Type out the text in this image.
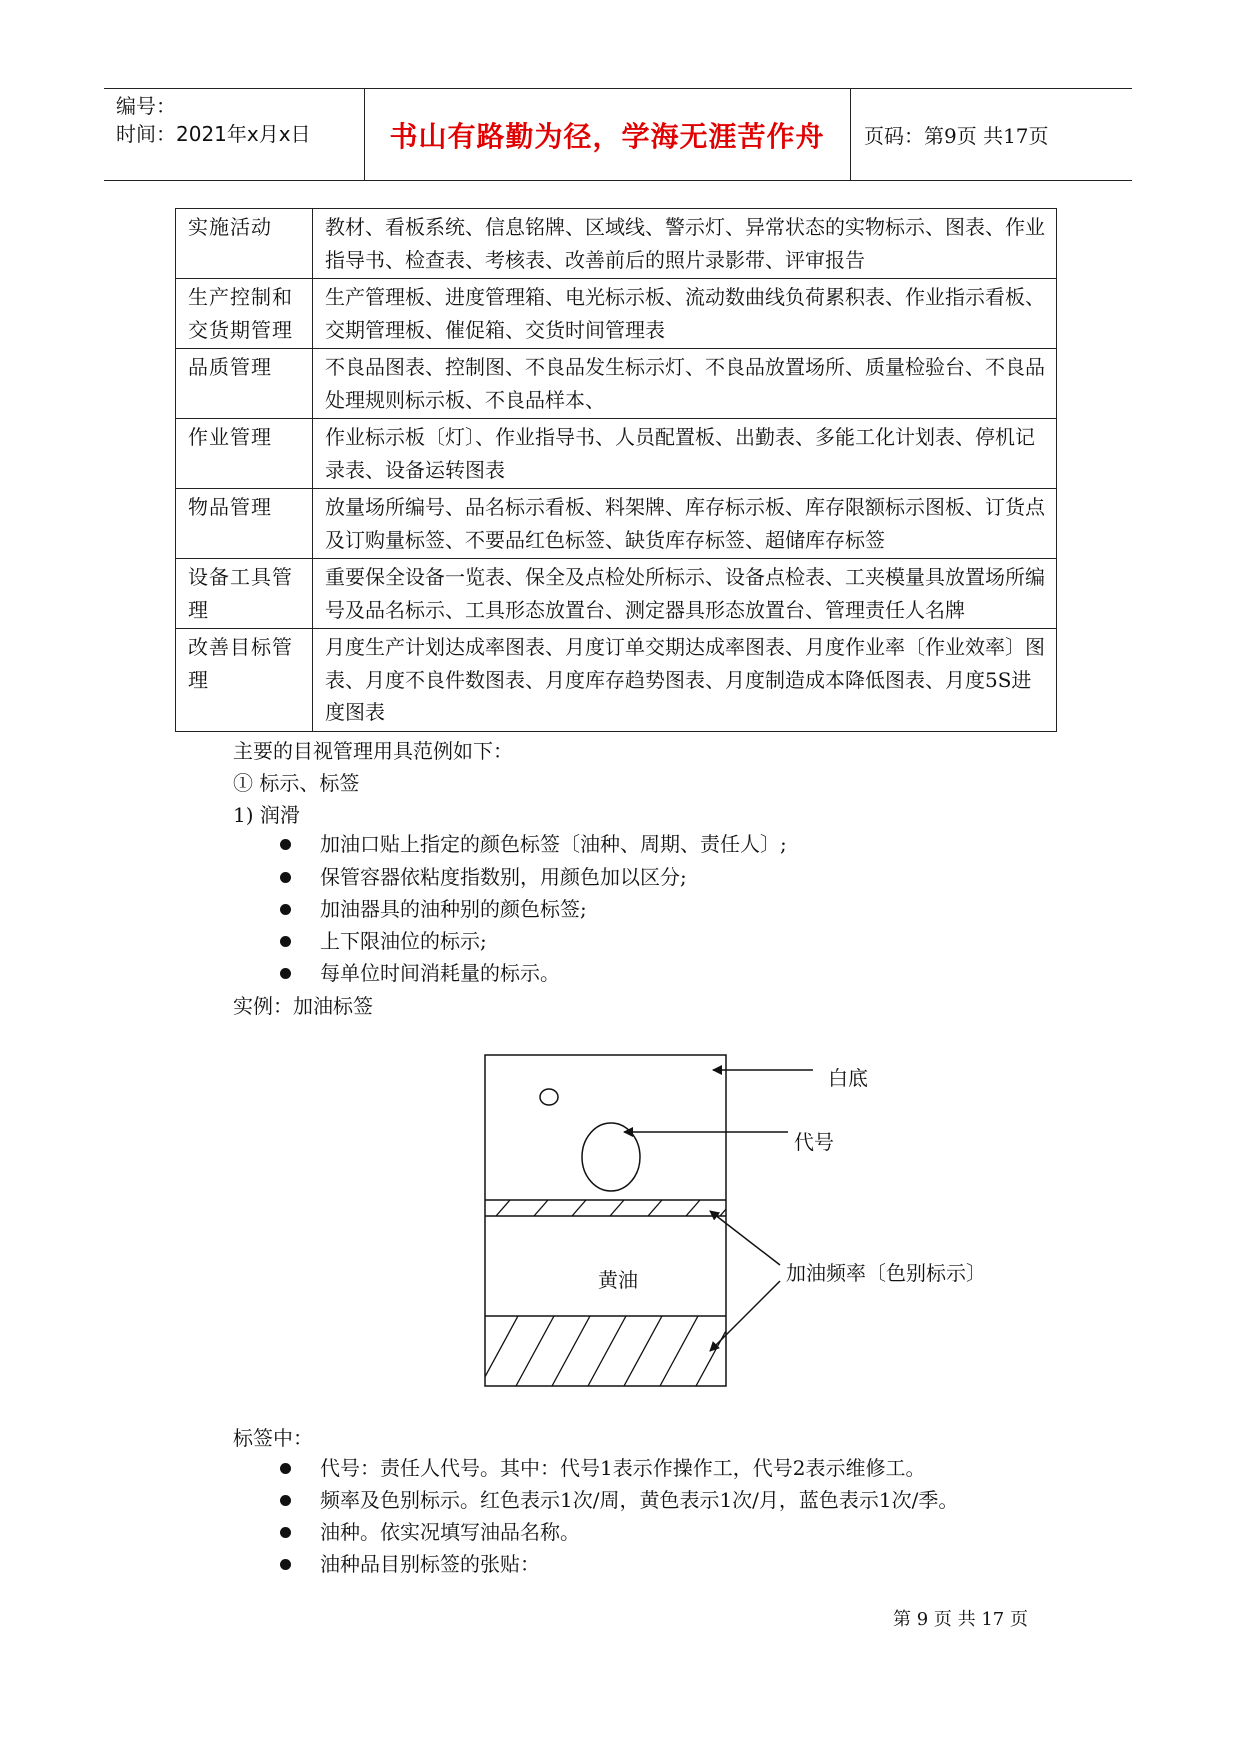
编号：
时间：2021年x月x日	书山有路勤为径，学海无涯苦作舟	页码：第9页 共17页
实施活动	教材、看板系统、信息铭牌、区域线、警示灯、异常状态的实物标示、图表、作业指导书、检查表、考核表、改善前后的照片录影带、评审报告
生产控制和交货期管理	生产管理板、进度管理箱、电光标示板、流动数曲线负荷累积表、作业指示看板、交期管理板、催促箱、交货时间管理表
品质管理	不良品图表、控制图、不良品发生标示灯、不良品放置场所、质量检验台、不良品处理规则标示板、不良品样本、
作业管理	作业标示板〔灯〕、作业指导书、人员配置板、出勤表、多能工化计划表、停机记录表、设备运转图表
物品管理	放量场所编号、品名标示看板、料架牌、库存标示板、库存限额标示图板、订货点及订购量标签、不要品红色标签、缺货库存标签、超储库存标签
设备工具管理	重要保全设备一览表、保全及点检处所标示、设备点检表、工夹模量具放置场所编号及品名标示、工具形态放置台、测定器具形态放置台、管理责任人名牌
改善目标管理	月度生产计划达成率图表、月度订单交期达成率图表、月度作业率〔作业效率〕图表、月度不良件数图表、月度库存趋势图表、月度制造成本降低图表、月度5S进度图表
主要的目视管理用具范例如下：
① 标示、标签
1) 润滑
加油口贴上指定的颜色标签〔油种、周期、责任人〕;
保管容器依粘度指数别，用颜色加以区分;
加油器具的油种别的颜色标签;
上下限油位的标示;
每单位时间消耗量的标示。
实例：加油标签
白底
代号
加油频率〔色别标示〕
黄油
标签中：
代号：责任人代号。其中：代号1表示作操作工，代号2表示维修工。
频率及色别标示。红色表示1次/周，黄色表示1次/月，蓝色表示1次/季。
油种。依实况填写油品名称。
油种品目别标签的张贴：
第 9 页 共 17 页
